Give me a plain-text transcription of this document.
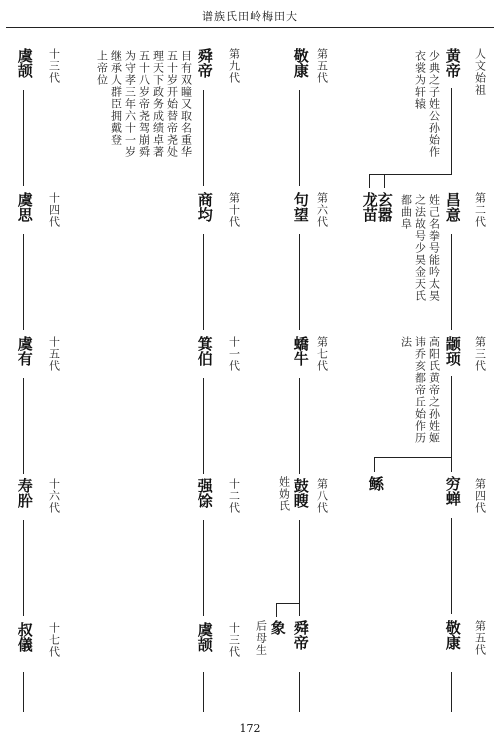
谱族氏田岭梅田大
人文始祖
黄帝
少典之子姓公孙始作
衣裳为轩辕
玄嚣
龙苗	第二代
昌意
姓己名拳号能吟太昊
之法故号少昊金天氏
都曲阜
第三代
颛顼
高阳氏黄帝之孙姓姬
讳乔亥都帝丘始作历
法
鲧	第四代
穷蝉
第五代
敬康
第五代
敬康
第六代
句望
第七代
蟜牛
第八代
鼓瞍
姓妫氏
象
后母生 舜帝
第九代
舜帝
目有双瞳又取名重华
五十岁开始替帝尧处
理天下政务成绩卓著
五十八岁帝尧驾崩舜
为守孝三年六十一岁
继承人群臣拥戴登
上帝位
第十代
商均
十一代
箕伯
十二代
强馀
十三代
虞颉
十三代
虞颉
十四代
虞思
十五代
虞有
十六代
寿肸
十七代
叔儀
172
